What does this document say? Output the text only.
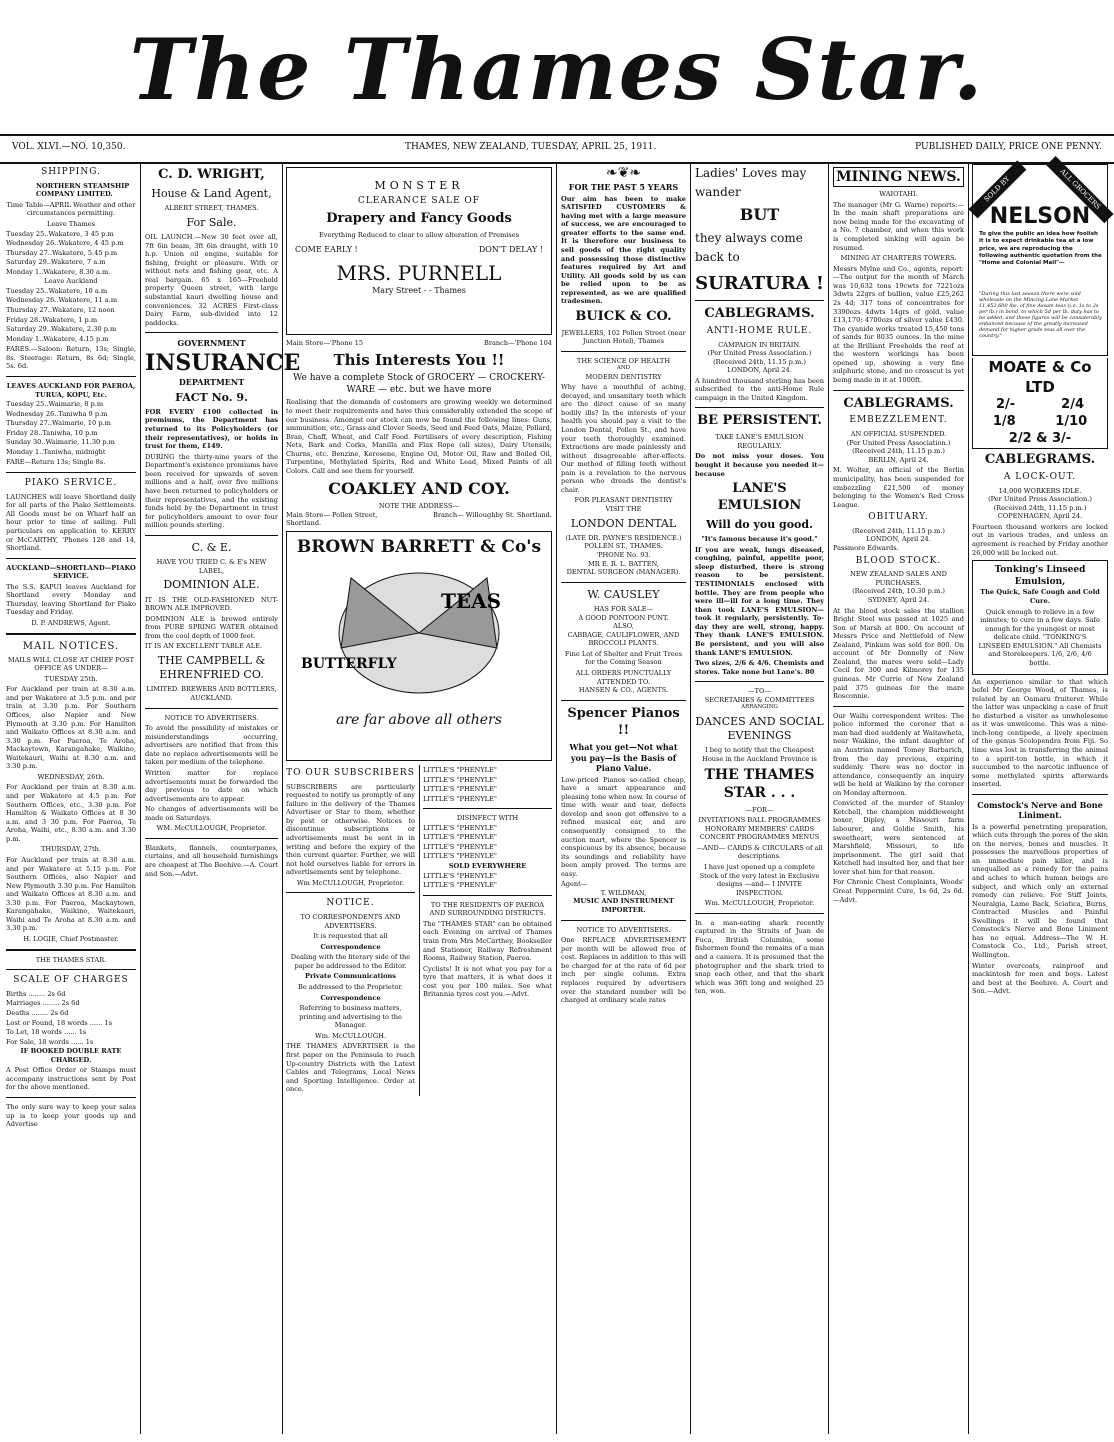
The Thames Star.
VOL. XLVI.—NO. 10,350.	THAMES, NEW ZEALAND, TUESDAY, APRIL 25, 1911.	PUBLISHED DAILY, PRICE ONE PENNY.
SHIPPING.
NORTHERN STEAMSHIP COMPANY LIMITED.

Time Table—APRIL Weather and other circumstances permitting.

Leave Thames
Tuesday 25..Wakatere, 3 45 p.m
Wednesday 26..Wakatere, 4 45 p.m
Thursday 27..Wakatere, 5.45 p.m
Saturday 29..Wakatere, 7 a.m
Monday 1..Wakatere, 8.30 a.m.
Leave Auckland
Tuesday 25..Wakatere, 10 a.m
Wednesday 26..Wakatere, 11 a.m
Thursday 27..Wakatere, 12 noon
Friday 28..Wakatere, 1 p.m
Saturday 29..Wakatere, 2.30 p.m
Monday 1..Wakatere, 4.15 p.m

FARES.—Saloon: Return, 13s; Single, 8s. Steerage: Return, 8s 6d; Single, 5s. 6d.

LEAVES AUCKLAND FOR PAEROA, TURUA, KOPU, Etc.
Tuesday 25..Waimarie, 8 p.m
Wednesday 26..Taniwha 9 p.m
Thursday 27..Waimarie, 10 p.m
Friday 28..Taniwha, 10 p.m
Sunday 30..Waimarie, 11.30 p.m
Monday 1..Taniwha, midnight

FARE—Return 13s; Single 8s.

PIAKO SERVICE.

LAUNCHES will leave Shortland daily for all parts of the Piako Settlements. All Goods must be on Wharf half an hour prior to time of sailing. Full particulars on application to KERRY or McCARTHY, 'Phones 128 and 14, Shortland.

AUCKLAND—SHORTLAND—PIAKO SERVICE.

The S.S. KAPUI leaves Auckland for Shortland every Monday and Thursday, leaving Shortland for Piako Tuesday and Friday.

D. P. ANDREWS, Agent.
MAIL NOTICES.

MAILS WILL CLOSE AT CHIEF POST OFFICE AS UNDER—

TUESDAY 25th.

For Auckland per train at 8.30 a.m. and per Wakatere at 3.5 p.m. and per train at 3.30 p.m. For Southern Offices, also Napier and New Plymouth at 3.30 p.m. For Hamilton and Waikato Offices at 8.30 a.m. and 3.30 p.m. For Paeroa, Te Aroha, Mackaytown, Karangahake, Waikino, Waitekauri, Waihi at 8.30 a.m. and 3.30 p.m.

WEDNESDAY, 26th.

For Auckland per train at 8.30 a.m. and per Wakatere at 4.5 p.m. For Southern Offices, etc., 3.30 p.m. For Hamilton & Waikato Offices at 8 30 a.m. and 3 30 p.m. For Paeroa, Te Aroha, Waihi, etc., 8.30 a.m. and 3.30 p.m.

THURSDAY, 27th.

For Auckland per train at 8.30 a.m. and per Wakatere at 5.15 p.m. For Southern Offices, also Napier and New Plymouth 3.30 p.m. For Hamilton and Waikato Offices at 8.30 a.m. and 3.30 p.m. For Paeroa, Mackaytown, Karangahake, Waikino, Waitekauri, Waihi and Te Aroha at 8.30 a.m. and 3.30 p.m.

H. LOGIE, Chief Postmaster.
THE THAMES STAR.
SCALE OF CHARGES
Births ........ 2s 6d
Marriages ........ 2s 6d
Deaths ........ 2s 6d
Lost or Found, 18 words ...... 1s
To Let, 18 words ...... 1s
For Sale, 18 words ...... 1s
IF BOOKED DOUBLE RATE CHARGED.

A Post Office Order or Stamps must accompany instructions sent by Post for the above mentioned.

The only sure way to keep your sales up is to keep your goods up and Advertise

C. D. WRIGHT,
House & Land Agent,
ALBERT STREET, THAMES.
For Sale.

OIL LAUNCH.—New 30 feet over all, 7ft 6in beam, 3ft 6in draught, with 10 h.p. Union oil engine, suitable for fishing, freight or pleasure. With or without nets and fishing gear, etc. A real bargain. 65 x 165—Freehold property Queen street, with large substantial kauri dwelling house and conveniences. 32 ACRES First-class Dairy Farm, sub-divided into 12 paddocks.

GOVERNMENT
INSURANCE
DEPARTMENT
FACT No. 9.

FOR EVERY £100 collected in premiums, the Department has returned to its Policyholders (or their representatives), or holds in trust for them, £149.

DURING the thirty-nine years of the Department's existence premiums have been received for upwards of seven millions and a half, over five millions have been returned to policyholders or their representatives, and the existing funds held by the Department in trust for policyholders amount to over four million pounds sterling.

C. & E.
HAVE YOU TRIED C. & E's NEW LABEL,
DOMINION ALE.

IT IS THE OLD-FASHIONED NUT-BROWN ALE IMPROVED.

DOMINION ALE is brewed entirely from PURE SPRING WATER obtained from the cool depth of 1000 feet.

IT IS AN EXCELLENT TABLE ALE.

THE CAMPBELL & EHRENFRIED CO.
LIMITED. BREWERS AND BOTTLERS, AUCKLAND.
NOTICE TO ADVERTISERS.

To avoid the possibility of mistakes or misunderstandings occurring, advertisers are notified that from this date no replace advertisements will be taken per medium of the telephone.

Written matter for replace advertisements must be forwarded the day previous to date on which advertisements are to appear.

No changes of advertisements will be made on Saturdays.

WM. McCULLOUGH, Proprietor.

Blankets, flannels, counterpanes, curtains, and all household furnishings are cheapest at The Beehive.—A. Court and Son.—Advt.

MONSTER
CLEARANCE SALE OF
Drapery and Fancy Goods
Everything Reduced to clear to allow alteration of Premises
COME EARLY !	DON'T DELAY !
MRS. PURNELL
Mary Street - - Thames
Main Store—'Phone 15	Branch—'Phone 104
This Interests You !!
We have a complete Stock of GROCERY — CROCKERY-WARE — etc. but we have more

Realising that the demands of customers are growing weekly we determined to meet their requirements and have thus considerably extended the scope of our business. Amongst our stock can now be found the following lines: Guns, ammunition, etc., Grass and Clover Seeds, Seed and Feed Oats, Maize, Pollard, Bran, Chaff, Wheat, and Calf Food. Fertilisers of every description, Fishing Nets, Bark and Corks, Manilla and Flax Rope (all sizes), Dairy Utensils, Churns, etc. Benzine, Kerosene, Engine Oil, Motor Oil, Raw and Boiled Oil, Turpentine, Methylated Spirits, Red and White Lead, Mixed Paints of all Colors. Call and see them for yourself.

COAKLEY AND COY.
NOTE THE ADDRESS—
Main Store— Pollen Street, Shortland.
Branch— Willoughby St. Shortland.
BROWN BARRETT & Co's
TEAS
BUTTERFLY
are far above all others
TO OUR SUBSCRIBERS

SUBSCRIBERS are particularly requested to notify us promptly of any failure in the delivery of the Thames Advertiser or Star to them, whether by post or otherwise. Notices to discontinue subscriptions or advertisements must be sent in in writing and before the expiry of the then current quarter. Further, we will not hold ourselves liable for errors in advertisements sent by telephone.

Wm McCULLOUGH, Proprietor.
NOTICE.
TO CORRESPONDENTS AND ADVERTISERS.

It is requested that all

Correspondence

Dealing with the literary side of the paper be addressed to the Editor.

Private Communications

Be addressed to the Proprietor.

Correspondence

Referring to business matters, printing and advertising to the Manager.

Wm. McCULLOUGH.

THE THAMES ADVERTISER is the first paper on the Peninsula to reach Up-country Districts with the Latest Cables and Telegrams, Local News and Sporting Intelligence. Order at once.

LITTLE'S "PHENYLE"
LITTLE'S "PHENYLE"
LITTLE'S "PHENYLE"
LITTLE'S "PHENYLE"
DISINFECT WITH
LITTLE'S "PHENYLE"
LITTLE'S "PHENYLE"
LITTLE'S "PHENYLE"
LITTLE'S "PHENYLE"
SOLD EVERYWHERE
LITTLE'S "PHENYLE"
LITTLE'S "PHENYLE"
TO THE RESIDENTS OF PAEROA AND SURROUNDING DISTRICTS.

The "THAMES STAR" can be obtained each Evening on arrival of Thames train from Mrs McCarthey, Bookseller and Stationer, Railway Refreshment Rooms, Railway Station, Paeroa.

Cyclists! It is not what you pay for a tyre that matters, it is what does it cost you per 100 miles. See what Britannia tyres cost you.—Advt.

❧❦❧
FOR THE PAST 5 YEARS

Our aim has been to make SATISFIED CUSTOMERS & having met with a large measure of success, we are encouraged to greater efforts to the same end. It is therefore our business to sell goods of the right quality and possessing those distinctive features required by Art and Utility. All goods sold by us can be relied upon to be as represented, as we are qualified tradesmen.

BUICK & CO.
JEWELLERS, 102 Pollen Street (near Junction Hotel), Thames
THE SCIENCE OF HEALTH
AND
MODERN DENTISTRY

Why have a mouthful of aching, decayed, and unsanitary teeth which are the direct cause of so many bodily ills? In the interests of your health you should pay a visit to the London Dental, Pollen St., and have your teeth thoroughly examined. Extractions are made painlessly and without disagreeable after-effects. Our method of filling teeth without pain is a revelation to the nervous person who dreads the dentist's chair.

FOR PLEASANT DENTISTRY
VISIT THE
LONDON DENTAL
(LATE DR. PAYNE'S RESIDENCE.)
POLLEN ST., THAMES.
'PHONE No. 93.
MR E. R. L. BATTEN,
DENTAL SURGEON (MANAGER).
W. CAUSLEY
HAS FOR SALE—
A GOOD PONTOON PUNT.
ALSO,
CABBAGE, CAULIFLOWER, AND BROCCOLI PLANTS.

Fine Lot of Shelter and Fruit Trees for the Coming Season

ALL ORDERS PUNCTUALLY ATTENDED TO.
HANSEN & CO., AGENTS.
Spencer Pianos !!
What you get—Not what you pay—is the Basis of Piano Value.

Low-priced Pianos so-called cheap, have a smart appearance and pleasing tone when new. In course of time with wear and tear, defects develop and soon get offensive to a refined musical ear, and are consequently consigned to the auction mart, where the Spencer is conspicuous by its absence, because its soundings and reliability have been amply proved. The terms are easy.

Agent—
T. WILDMAN,
MUSIC AND INSTRUMENT IMPORTER.
NOTICE TO ADVERTISERS.

One REPLACE ADVERTISEMENT per month will be allowed free of cost. Replaces in addition to this will be charged for at the rate of 6d per inch per single column. Extra replaces required by advertisers over the standard number will be charged at ordinary scale rates

Ladies' Loves may wander
BUT
they always come back to
SURATURA !
CABLEGRAMS.
ANTI-HOME RULE.
CAMPAIGN IN BRITAIN.
(Per United Press Association.)
(Received 24th, 11.15 p.m.)
LONDON, April 24.

A hundred thousand sterling has been subscribed to the anti-Home Rule campaign in the United Kingdom.

BE PERSISTENT.
TAKE LANE'S EMULSION REGULARLY.

Do not miss your doses. You bought it because you needed it—because

LANE'S EMULSION
Will do you good.
"It's famous because it's good."

If you are weak, lungs diseased, coughing, painful, appetite poor, sleep disturbed, there is strong reason to be persistent. TESTIMONIALS enclosed with bottle. They are from people who were ill—ill for a long time. They then took LANE'S EMULSION—took it regularly, persistently. To-day they are well, strong, happy. They thank LANE'S EMULSION. Be persistent, and you will also thank LANE'S EMULSION.

Two sizes, 2/6 & 4/6. Chemists and stores. Take none but Lane's. 80

—TO—
SECRETARIES & COMMITTEES
ARRANGING
DANCES AND SOCIAL EVENINGS

I beg to notify that the Cheapest House in the Auckland Province is

THE THAMES STAR . . .
—FOR—

INVITATIONS BALL PROGRAMMES HONORARY MEMBERS' CARDS CONCERT PROGRAMMES MENUS

—AND— CARDS & CIRCULARS of all descriptions.

I have just opened up a complete Stock of the very latest in Exclusive designs —and— I INVITE INSPECTION.

Wm. McCULLOUGH, Proprietor.

In a man-eating shark recently captured in the Straits of Juan de Fuca, British Columbia, some fishermen found the remains of a man and a camera. It is presumed that the photographer and the shark tried to snap each other, and that the shark which was 36ft long and weighed 25 ten, won.

MINING NEWS.
WAIOTAHI.

The manager (Mr G. Warne) reports:—In the main shaft preparations are now being made for the excavating of a No. 7 chamber, and when this work is completed sinking will again be resumed.

MINING AT CHARTERS TOWERS.

Messrs Mylne and Co., agents, report:—The output for the month of March was 10,632 tons 19cwts for 7221ozs 3dwts 22grs of bullion, value £25,262 2s 4d; 317 tons of concentrates for 3390ozs 4dwts 14grs of gold, value £13,170; 4700ozs of silver value £430. The cyanide works treated 15,450 tons of sands for 8035 ounces. In the mine at the Brilliant Freeholds the reef at the western workings has been opened up, showing a very fine sulphuric stone, and no crosscut is yet being made in it at 1000ft.

CABLEGRAMS.
EMBEZZLEMENT.
AN OFFICIAL SUSPENDED.
(Per United Press Association.)
(Received 24th, 11.15 p.m.)
BERLIN, April 24.

M. Wolter, an official of the Berlin municipality, has been suspended for embezzling £21,500 of money belonging to the Women's Red Cross League.

OBITUARY.
(Received 24th, 11.15 p.m.)
LONDON, April 24.
Passmore Edwards.
BLOOD STOCK.
NEW ZEALAND SALES AND PURCHASES.
(Received 24th, 10.30 p.m.)
SYDNEY, April 24.

At the blood stock sales the stallion Bright Steel was passed at 1025 and Son of Marsh at 800. On account of Messrs Price and Nettlefold of New Zealand, Pinkum was sold for 800. On account of Mr Donnelly of New Zealand, the mares were sold—Lady Cecil for 300 and Kilmorey for 135 guineas. Mr Currie of New Zealand paid 375 guineas for the mare Rosconnie.

Our Waihi correspondent writes: The police informed the coroner that a man had died suddenly at Waitawheta, near Waikino, the infant daughter of an Austrian named Tomey Barbarich, from the day previous, expiring suddenly. There was no doctor in attendance, consequently an inquiry will be held at Waikino by the coroner on Monday afternoon.

Convicted of the murder of Stanley Ketchell, the champion middleweight boxer, Dipley, a Missouri farm labourer, and Goldie Smith, his sweetheart, were sentenced at Marshfield, Missouri, to life imprisonment. The girl said that Ketchell had insulted her, and that her lover shot him for that reason.

For Chronic Chest Complaints, Woods' Great Peppermint Cure, 1s 6d, 2s 6d.—Advt.

SOLD BY	ALL GROCERS
NELSON
To give the public an idea how foolish it is to expect drinkable tea at a low price, we are reproducing the following authentic quotation from the "Home and Colonial Mail"—
"During this last season there were sold wholesale on the Mincing Lane Market 11,452,600 lbs. of fine Assam teas (i.e. 1s to 2s per lb.) in bond, to which 5d per lb. duty has to be added, and these figures will be considerably enhanced because of the greatly increased demand for higher grade teas all over the country."
MOATE & Co LTD
2/-	2/4
1/8	1/10
2/2 & 3/-
CABLEGRAMS.
A LOCK-OUT.
14,000 WORKERS IDLE.
(Per United Press Association.)
(Received 24th, 11.15 p.m.)
COPENHAGEN, April 24.

Fourteen thousand workers are locked out in various trades, and unless an agreement is reached by Friday another 26,000 will be locked out.

Tonking's Linseed Emulsion,
The Quick, Safe Cough and Cold Cure.

Quick enough to relieve in a few minutes; to cure in a few days. Safe enough for the youngest or most delicate child. "TONKING'S LINSEED EMULSION." All Chemists and Storekeepers. 1/6, 2/6, 4/6 bottle.

An experience similar to that which befel Mr George Wood, of Thames, is related by an Oamaru fruiterer. While the latter was unpacking a case of fruit he disturbed a visitor as unwholesome as it was unwelcome. This was a nine-inch-long centipede, a lively specimen of the genus Scolopendra from Fiji. So time was lost in transferring the animal to a spirit-ton bottle, in which it succumbed to the narcotic influence of some methylated spirits afterwards inserted.

Comstock's Nerve and Bone Liniment.

Is a powerful penetrating preparation, which cuts through the pores of the skin on the nerves, bones and muscles. It possesses the marvellous properties of an immediate pain killer, and is unequalled as a remedy for the pains and aches to which human beings are subject, and which only an external remedy can relieve. For Stiff Joints, Neuralgia, Lame Back, Sciatica, Burns, Contracted Muscles and Painful Swellings it will be found that Comstock's Nerve and Bone Liniment has no equal. Address—The W. H. Comstock Co., Ltd., Parish street, Wellington.

Winter overcoats, rainproof and mackintosh for men and boys. Latest and best at the Beehive. A. Court and Son.—Advt.
